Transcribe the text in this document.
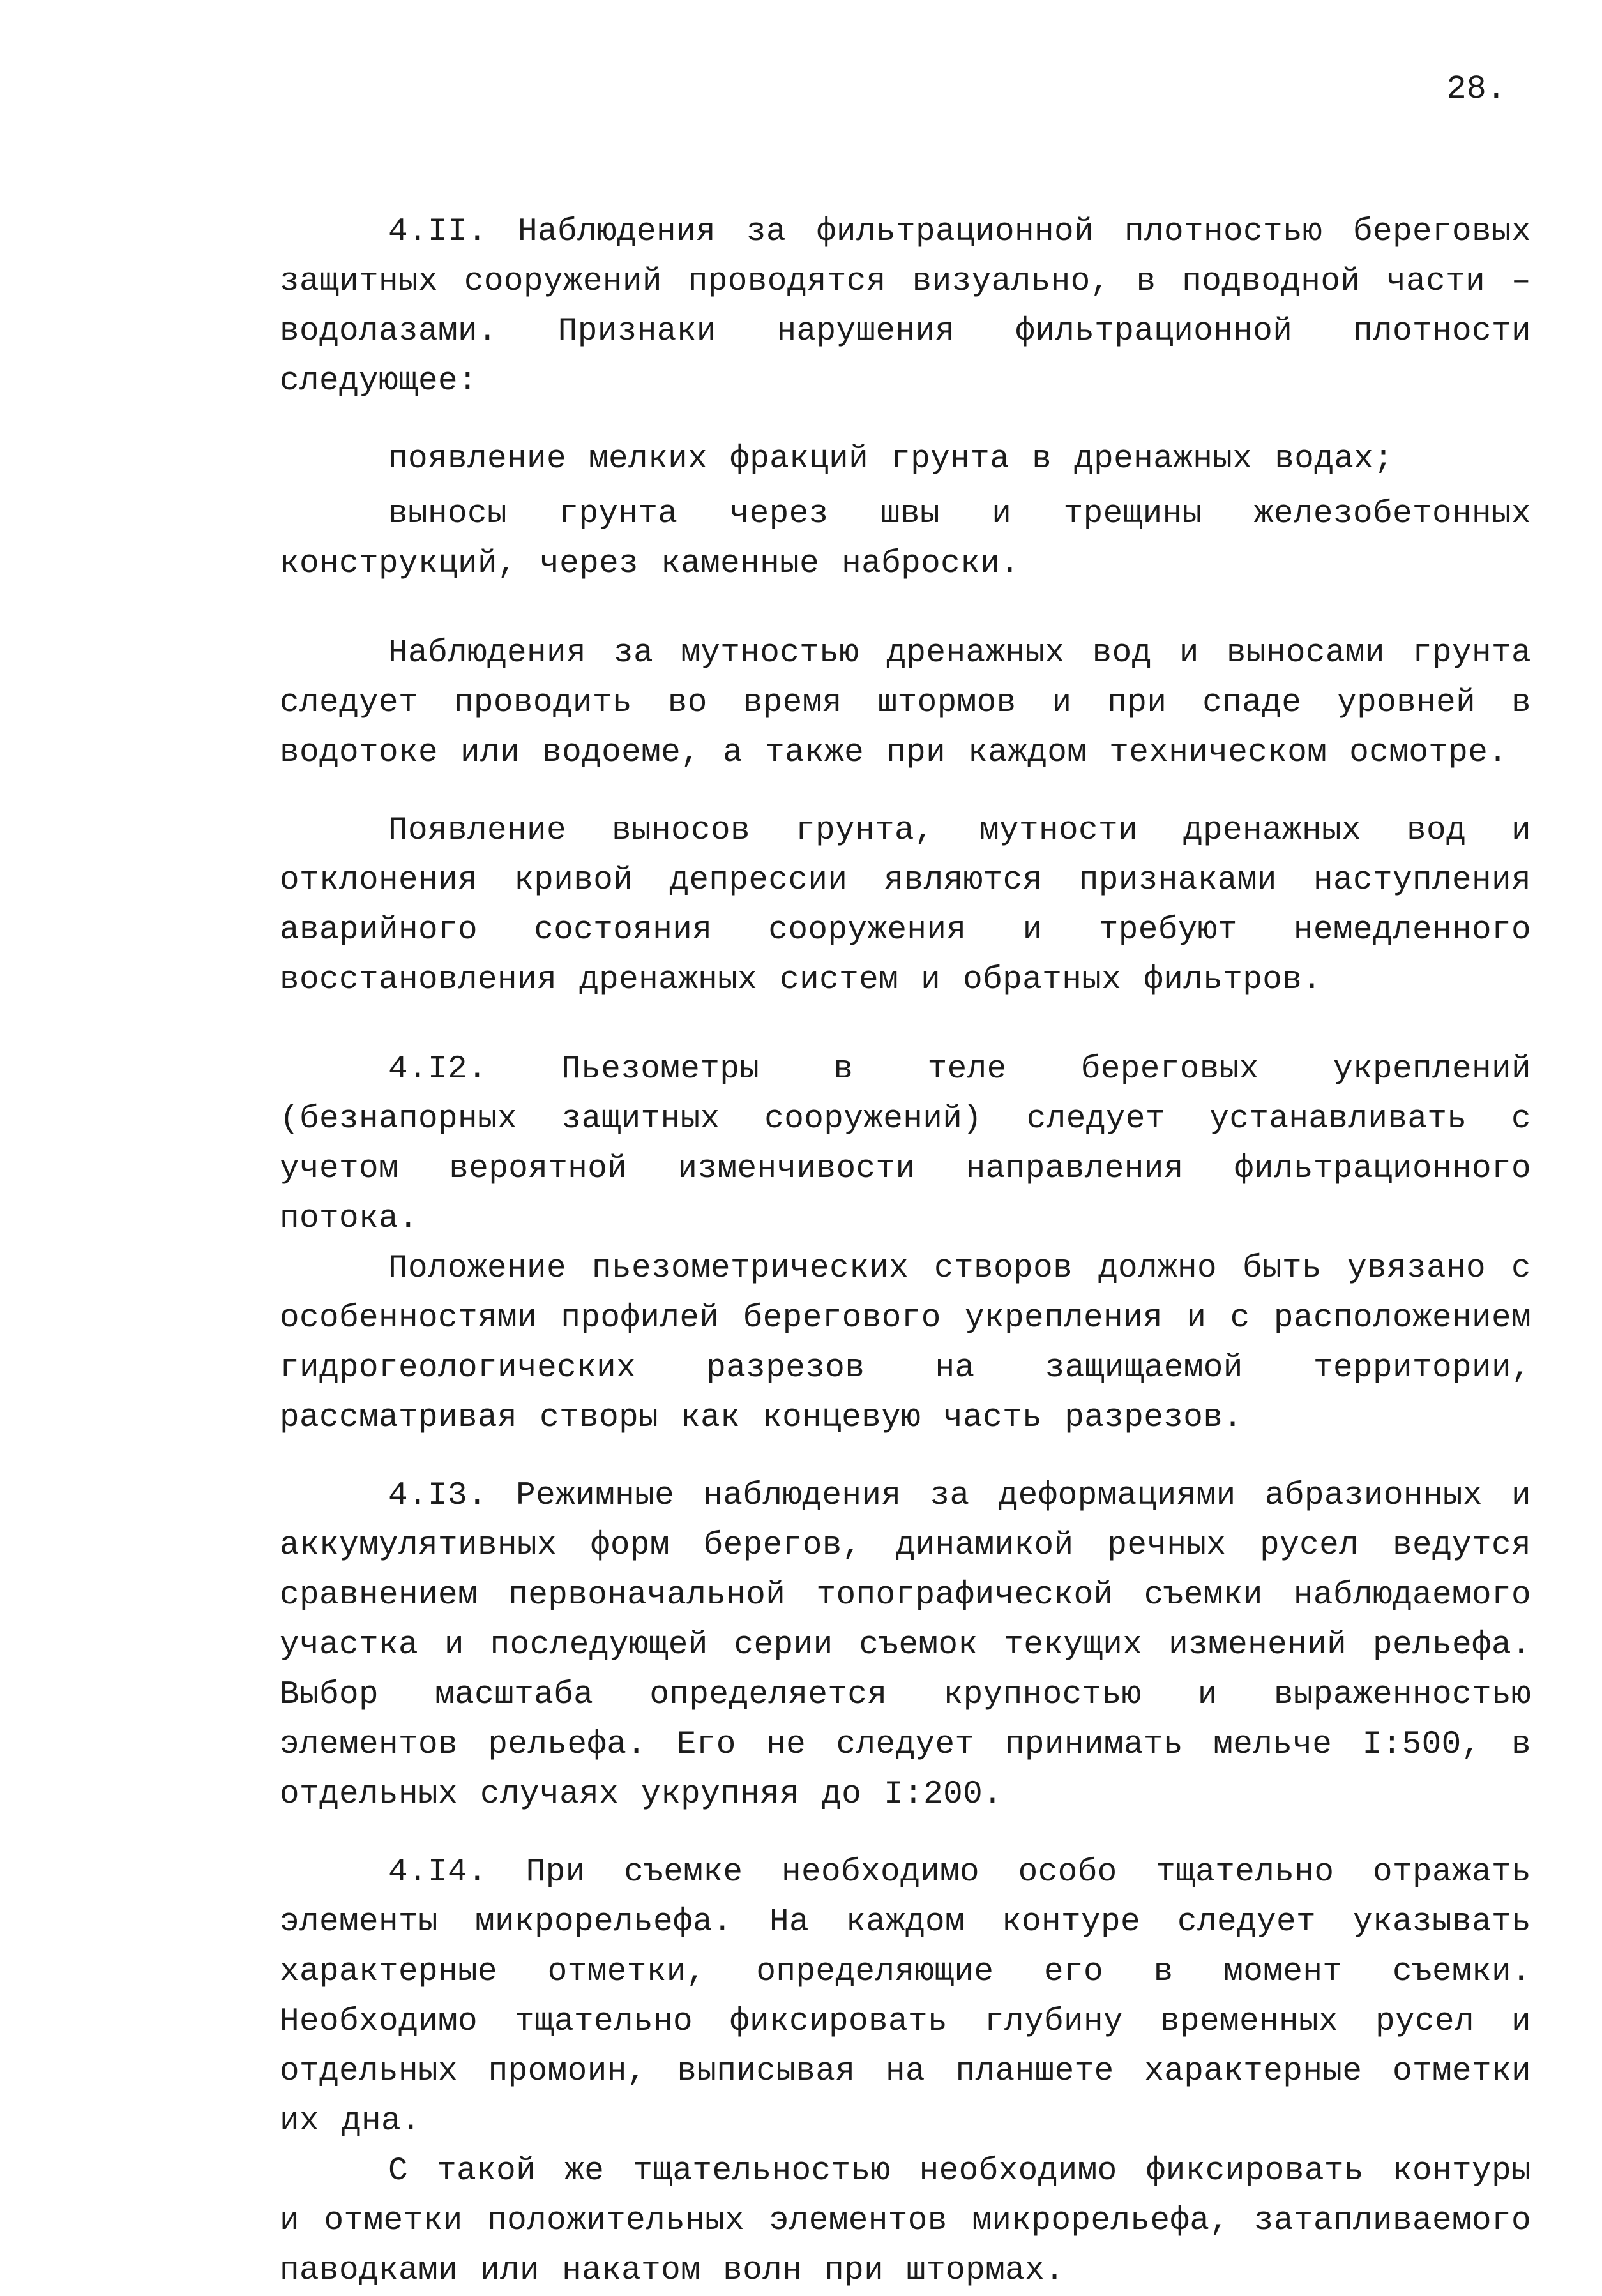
28.

4.II. Наблюдения за фильтрационной плотностью береговых защитных сооружений проводятся визуально, в подводной части – водолазами. Признаки нарушения фильтрационной плотности следующее:

появление мелких фракций грунта в дренажных водах;

выносы грунта через швы и трещины железобетонных конструкций, через каменные наброски.

Наблюдения за мутностью дренажных вод и выносами грунта следует проводить во время штормов и при спаде уровней в водотоке или водоеме, а также при каждом техническом осмотре.

Появление выносов грунта, мутности дренажных вод и отклонения кривой депрессии являются признаками наступления аварийного состояния сооружения и требуют немедленного восстановления дренажных систем и обратных фильтров.

4.I2. Пьезометры в теле береговых укреплений (безнапорных защитных сооружений) следует устанавливать с учетом вероятной изменчивости направления фильтрационного потока.

Положение пьезометрических створов должно быть увязано с особенностями профилей берегового укрепления и с расположением гидрогеологических разрезов на защищаемой территории, рассматривая створы как концевую часть разрезов.

4.I3. Режимные наблюдения за деформациями абразионных и аккумулятивных форм берегов, динамикой речных русел ведутся сравнением первоначальной топографической съемки наблюдаемого участка и последующей серии съемок текущих изменений рельефа. Выбор масштаба определяется крупностью и выраженностью элементов рельефа. Его не следует принимать мельче I:500, в отдельных случаях укрупняя до I:200.

4.I4. При съемке необходимо особо тщательно отражать элементы микрорельефа. На каждом контуре следует указывать характерные отметки, определяющие его в момент съемки. Необходимо тщательно фиксировать глубину временных русел и отдельных промоин, выписывая на планшете характерные отметки их дна.

С такой же тщательностью необходимо фиксировать контуры и отметки положительных элементов микрорельефа, затапливаемого паводками или накатом волн при штормах.
